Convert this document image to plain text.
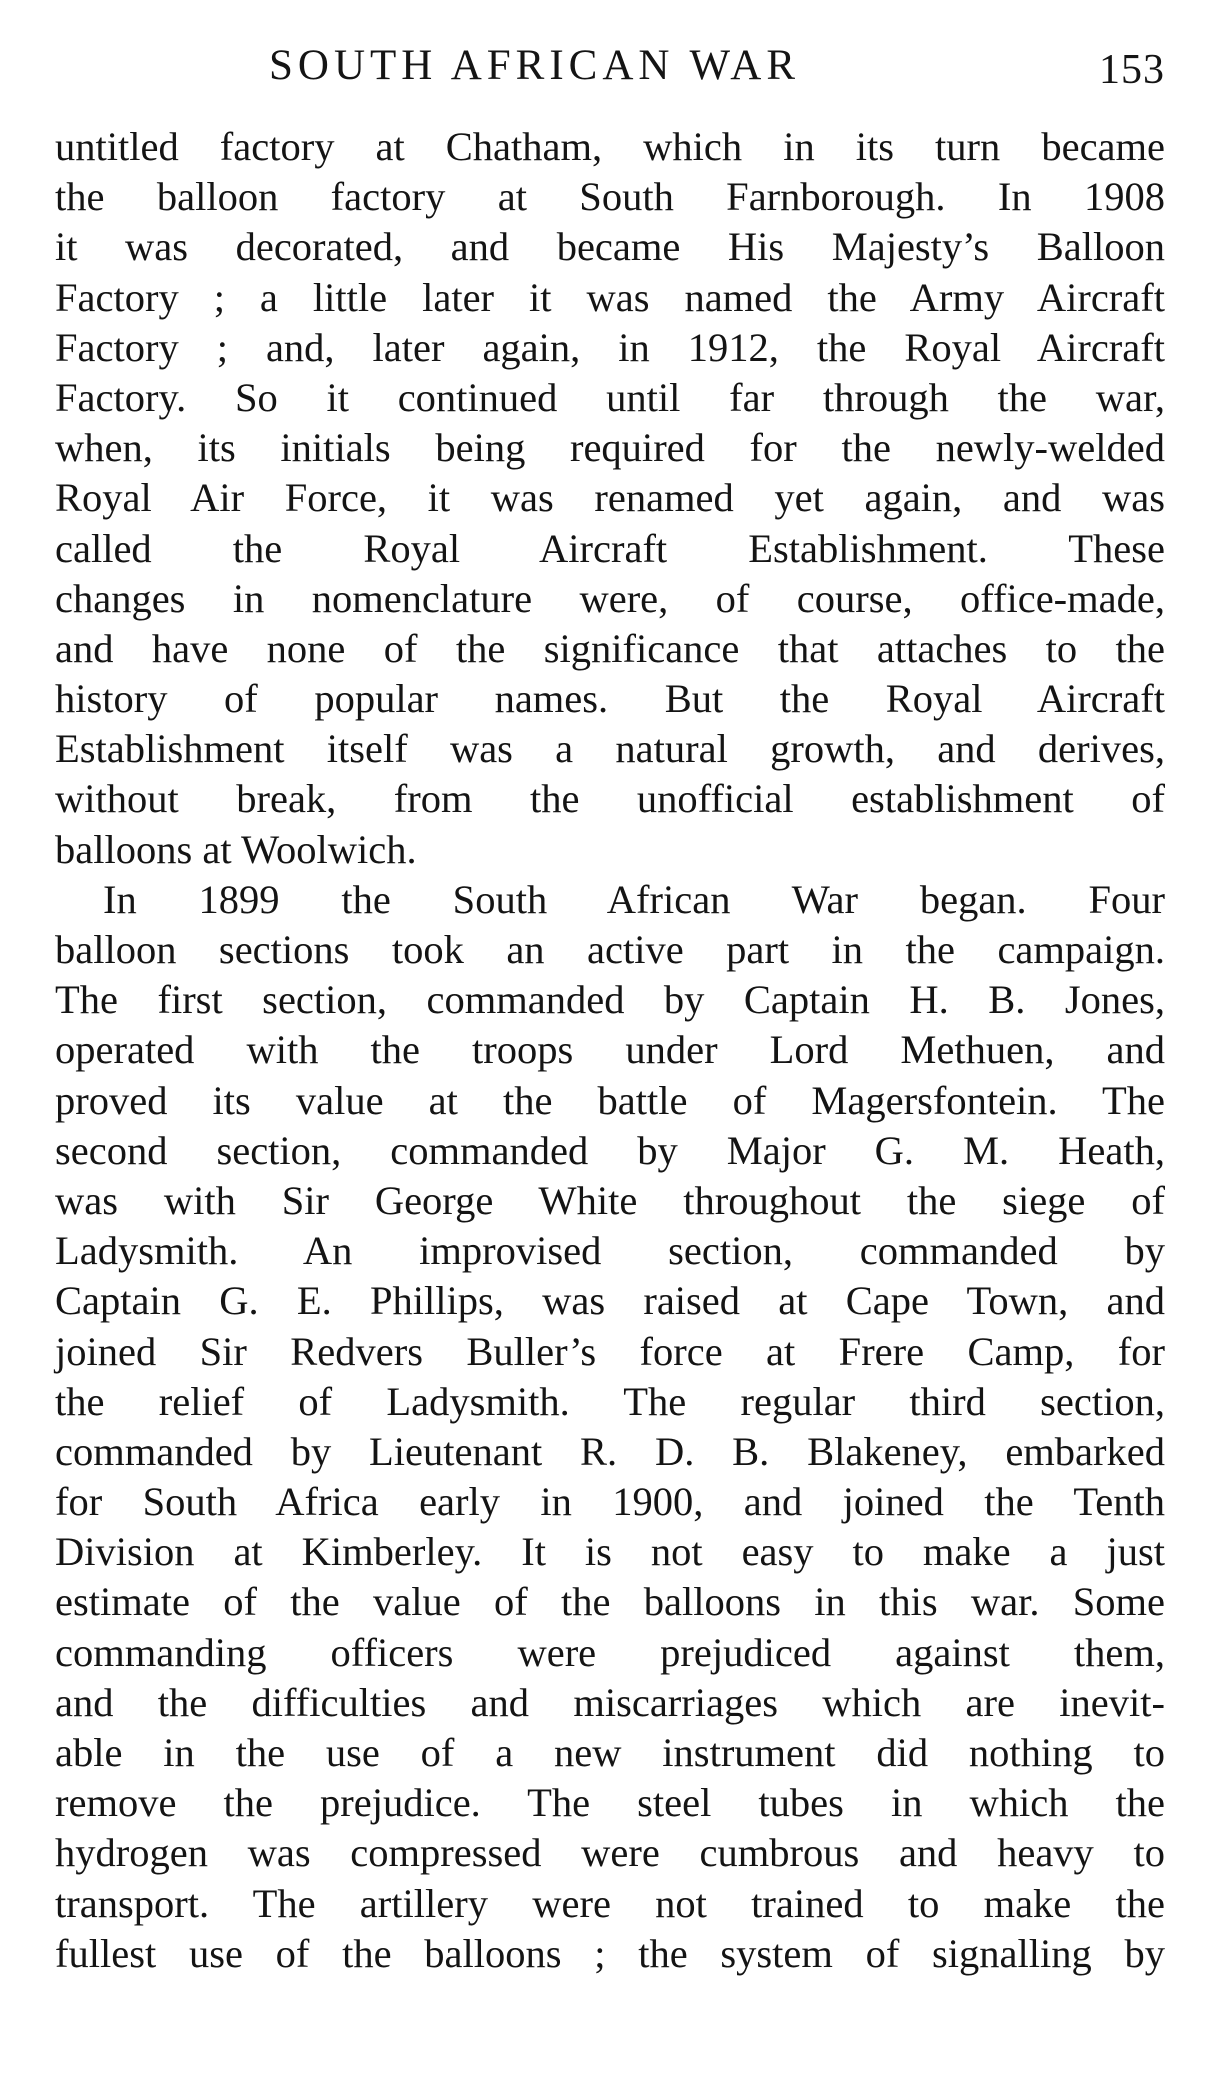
SOUTH AFRICAN WAR	153
untitled factory at Chatham, which in its turn became
the balloon factory at South Farnborough. In 1908
it was decorated, and became His Majesty’s Balloon
Factory ; a little later it was named the Army Aircraft
Factory ; and, later again, in 1912, the Royal Aircraft
Factory. So it continued until far through the war,
when, its initials being required for the newly-welded
Royal Air Force, it was renamed yet again, and was
called the Royal Aircraft Establishment. These
changes in nomenclature were, of course, office-made,
and have none of the significance that attaches to the
history of popular names. But the Royal Aircraft
Establishment itself was a natural growth, and derives,
without break, from the unofficial establishment of
balloons at Woolwich.
In 1899 the South African War began. Four
balloon sections took an active part in the campaign.
The first section, commanded by Captain H. B. Jones,
operated with the troops under Lord Methuen, and
proved its value at the battle of Magersfontein. The
second section, commanded by Major G. M. Heath,
was with Sir George White throughout the siege of
Ladysmith. An improvised section, commanded by
Captain G. E. Phillips, was raised at Cape Town, and
joined Sir Redvers Buller’s force at Frere Camp, for
the relief of Ladysmith. The regular third section,
commanded by Lieutenant R. D. B. Blakeney, embarked
for South Africa early in 1900, and joined the Tenth
Division at Kimberley. It is not easy to make a just
estimate of the value of the balloons in this war. Some
commanding officers were prejudiced against them,
and the difficulties and miscarriages which are inevit-
able in the use of a new instrument did nothing to
remove the prejudice. The steel tubes in which the
hydrogen was compressed were cumbrous and heavy to
transport. The artillery were not trained to make the
fullest use of the balloons ; the system of signalling by
